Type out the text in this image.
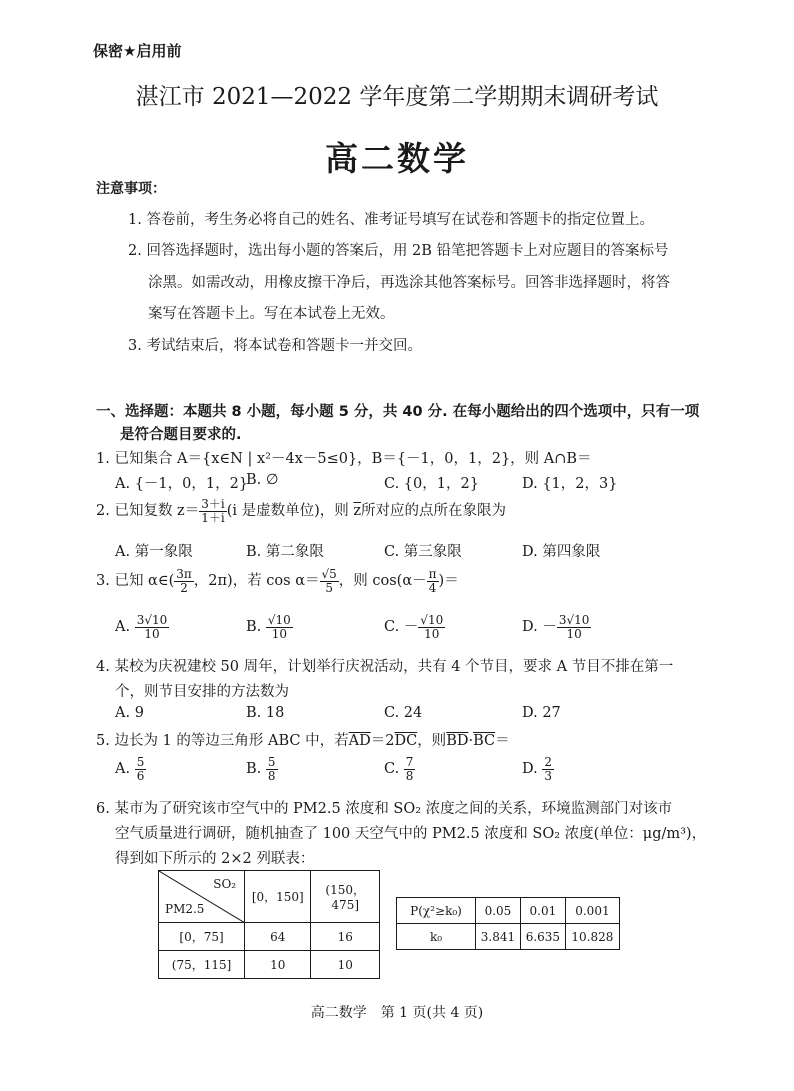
保密★启用前
湛江市 2021—2022 学年度第二学期期末调研考试
高二数学
注意事项：
1. 答卷前，考生务必将自己的姓名、准考证号填写在试卷和答题卡的指定位置上。
2. 回答选择题时，选出每小题的答案后，用 2B 铅笔把答题卡上对应题目的答案标号
涂黑。如需改动，用橡皮擦干净后，再选涂其他答案标号。回答非选择题时，将答
案写在答题卡上。写在本试卷上无效。
3. 考试结束后，将本试卷和答题卡一并交回。
一、选择题：本题共 8 小题，每小题 5 分，共 40 分. 在每小题给出的四个选项中，只有一项
是符合题目要求的.
1. 已知集合 A＝{x∈N | x²－4x－5≤0}，B＝{－1，0，1，2}，则 A∩B＝
A. {－1，0，1，2}
B. ∅	C. {0，1，2}	D. {1，2，3}
2. 已知复数 $z= \frac{3+i}{1+i} (i$ 是虚数单位)，则 $\overline{z}$所对应的点所在象限为
A. 第一象限	B. 第二象限	C. 第三象限	D. 第四象限
3. 已知 α∈( $\frac{3\pi}{2}$ ，2π)，若 $\cos \alpha= \frac{√5}{5}$ ，则 $\cos(\alpha- \frac{\pi}{4}$ )＝
A. $\frac{3√10}{10}$	B. $\frac{√10}{10}$	C. － $\frac{√10}{10}$	D. － $\frac{3√10}{10}$
4. 某校为庆祝建校 50 周年，计划举行庆祝活动，共有 4 个节目，要求 A 节目不排在第一
个，则节目安排的方法数为
A. 9	B. 18	C. 24	D. 27
5. 边长为 1 的等边三角形 ABC 中，若$\overline{AD}=2\overline{DC}$，则$\overline{BD}\cdot\overline{BC}=$
A. $\frac{5}{6}$	B. $\frac{5}{8}$	C. $\frac{7}{8}$	D. $\frac{2}{3}$
6. 某市为了研究该市空气中的 PM2.5 浓度和 SO₂ 浓度之间的关系，环境监测部门对该市
空气质量进行调研，随机抽查了 100 天空气中的 PM2.5 浓度和 SO₂ 浓度(单位：μg/m³)，
得到如下所示的 2×2 列联表：
SO₂
PM2.5	[0，150]	(150，475]
[0，75]	64	16
(75，115]	10	10
P(χ²≥k₀)	0.05	0.01	0.001
k₀	3.841	6.635	10.828
高二数学　第 1 页(共 4 页)
